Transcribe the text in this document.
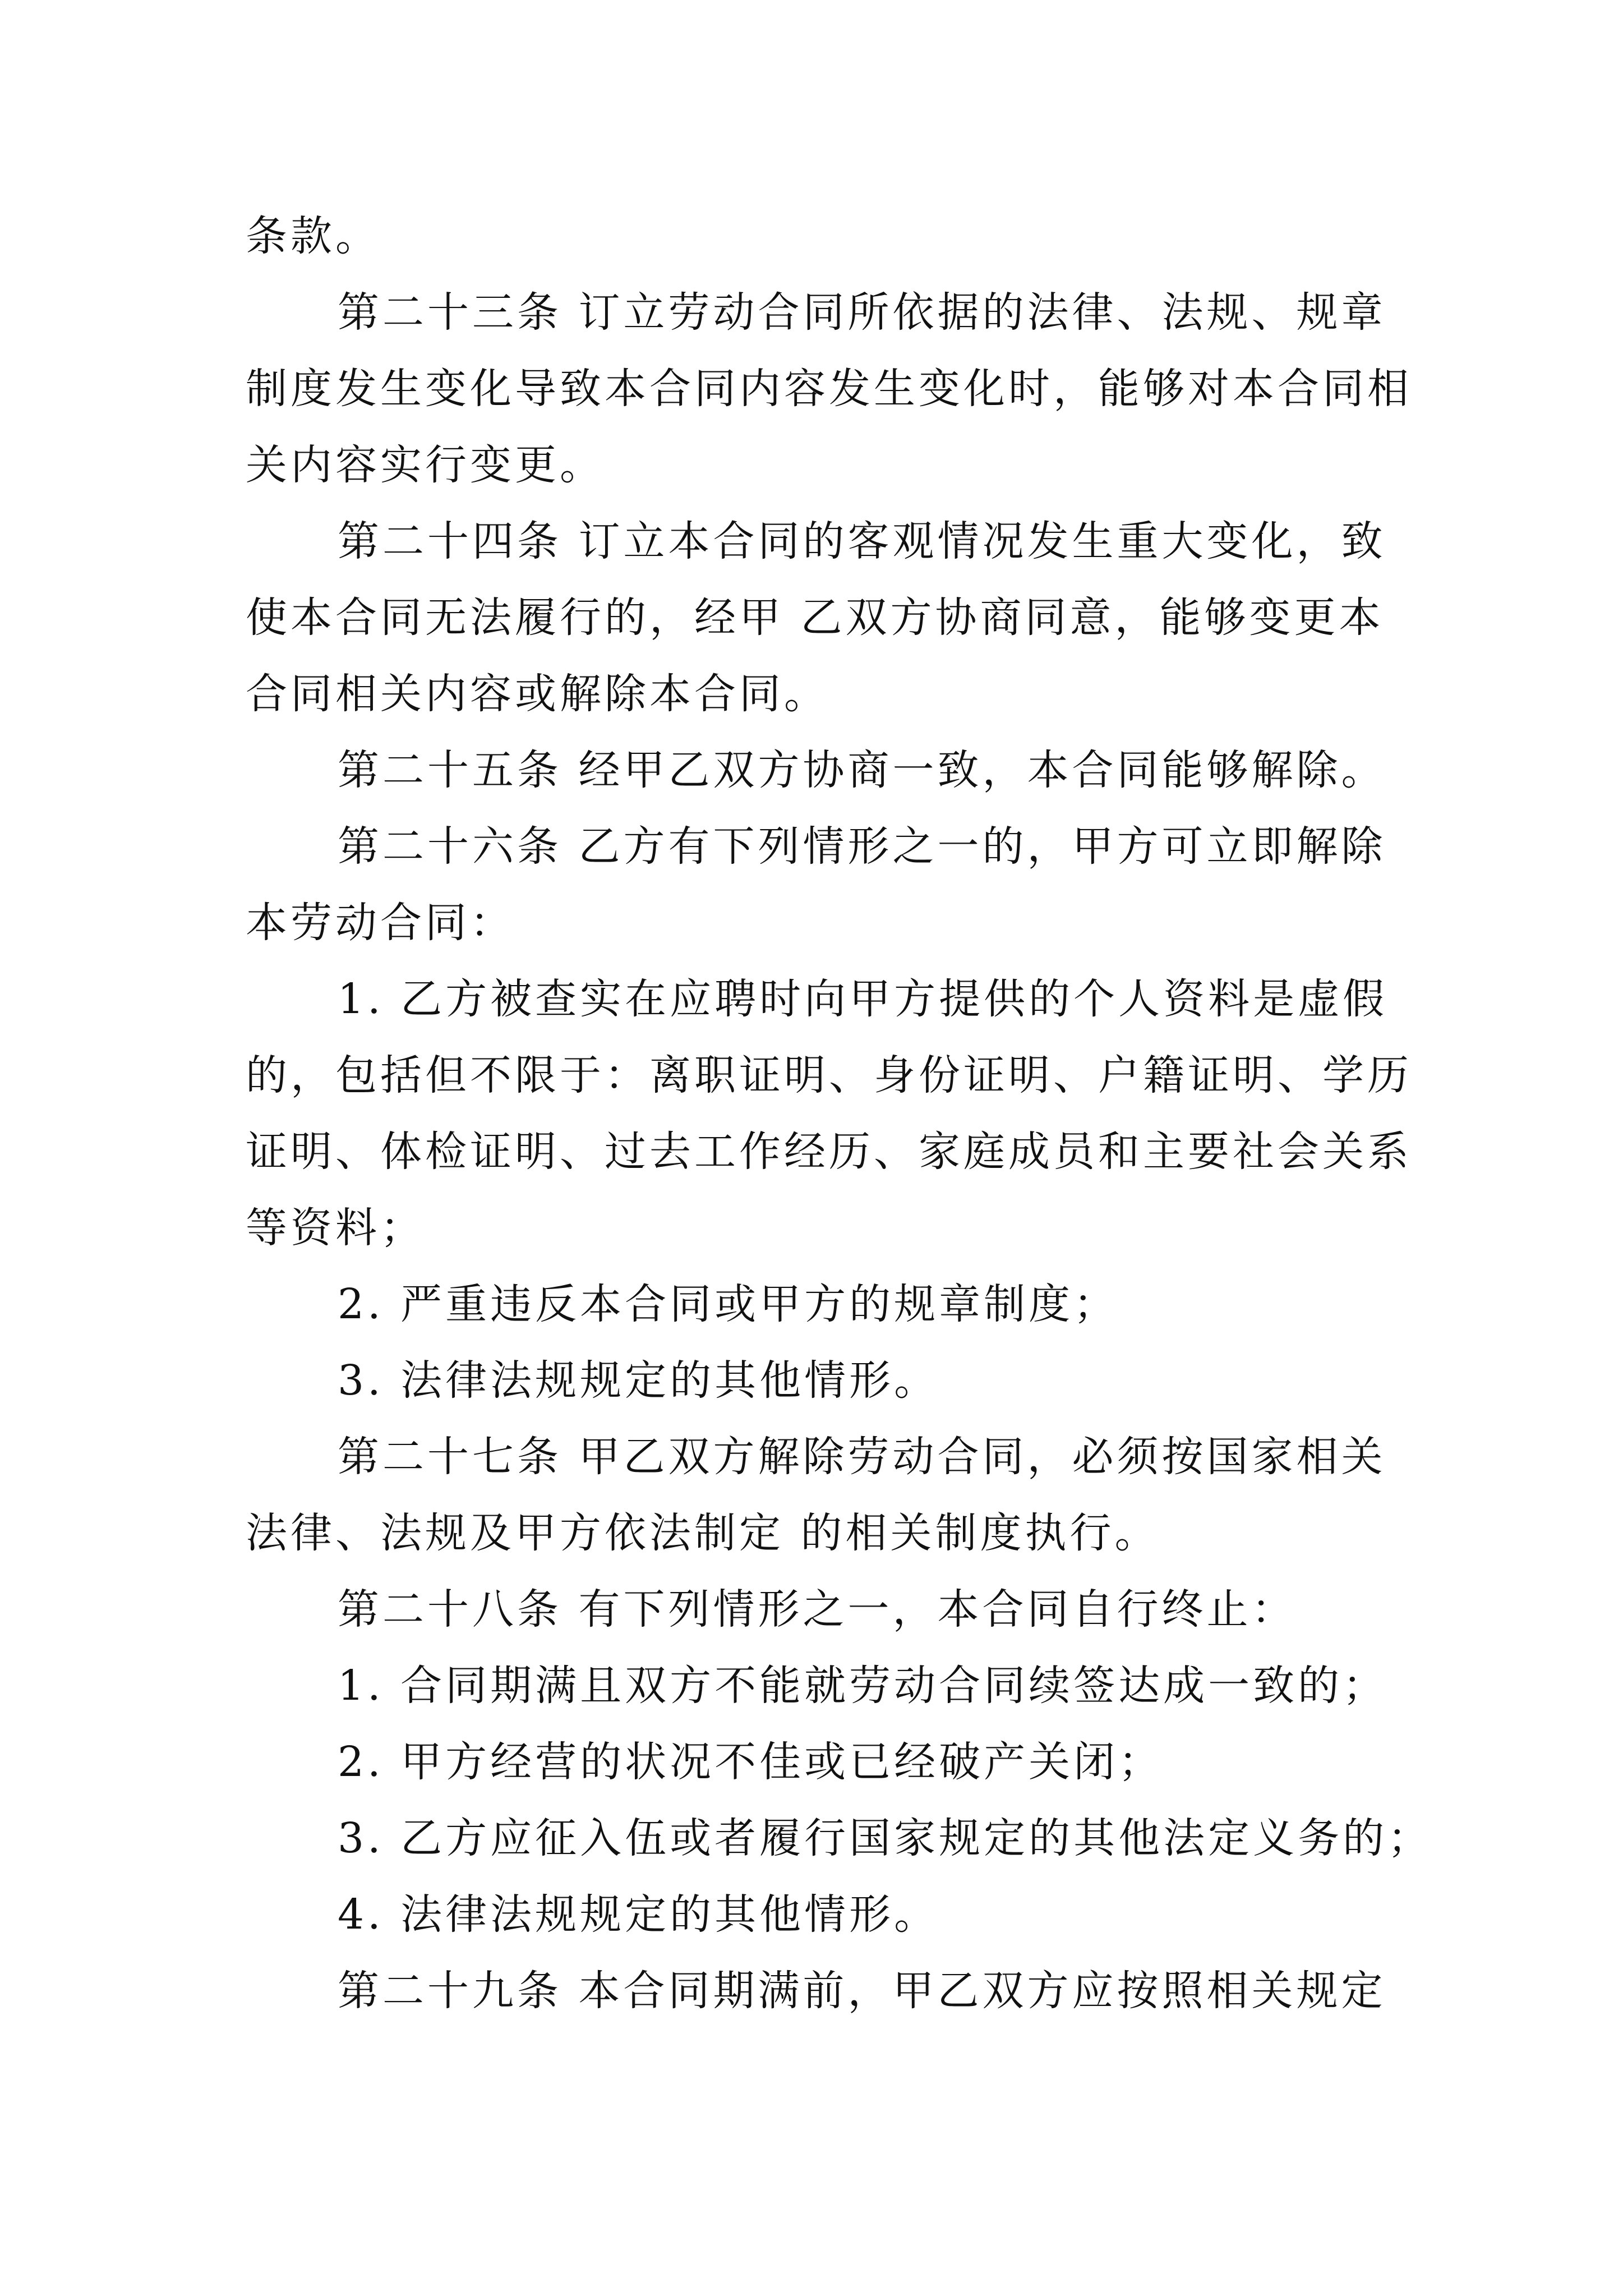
条款。
第二十三条 订立劳动合同所依据的法律、法规、规章
制度发生变化导致本合同内容发生变化时，能够对本合同相
关内容实行变更。
第二十四条 订立本合同的客观情况发生重大变化，致
使本合同无法履行的，经甲 乙双方协商同意，能够变更本
合同相关内容或解除本合同。
第二十五条 经甲乙双方协商一致，本合同能够解除。
第二十六条 乙方有下列情形之一的，甲方可立即解除
本劳动合同：
1. 乙方被查实在应聘时向甲方提供的个人资料是虚假
的，包括但不限于：离职证明、身份证明、户籍证明、学历
证明、体检证明、过去工作经历、家庭成员和主要社会关系
等资料；
2. 严重违反本合同或甲方的规章制度；
3. 法律法规规定的其他情形。
第二十七条 甲乙双方解除劳动合同，必须按国家相关
法律、法规及甲方依法制定 的相关制度执行。
第二十八条 有下列情形之一，本合同自行终止：
1. 合同期满且双方不能就劳动合同续签达成一致的；
2. 甲方经营的状况不佳或已经破产关闭；
3. 乙方应征入伍或者履行国家规定的其他法定义务的；
4. 法律法规规定的其他情形。
第二十九条 本合同期满前，甲乙双方应按照相关规定
